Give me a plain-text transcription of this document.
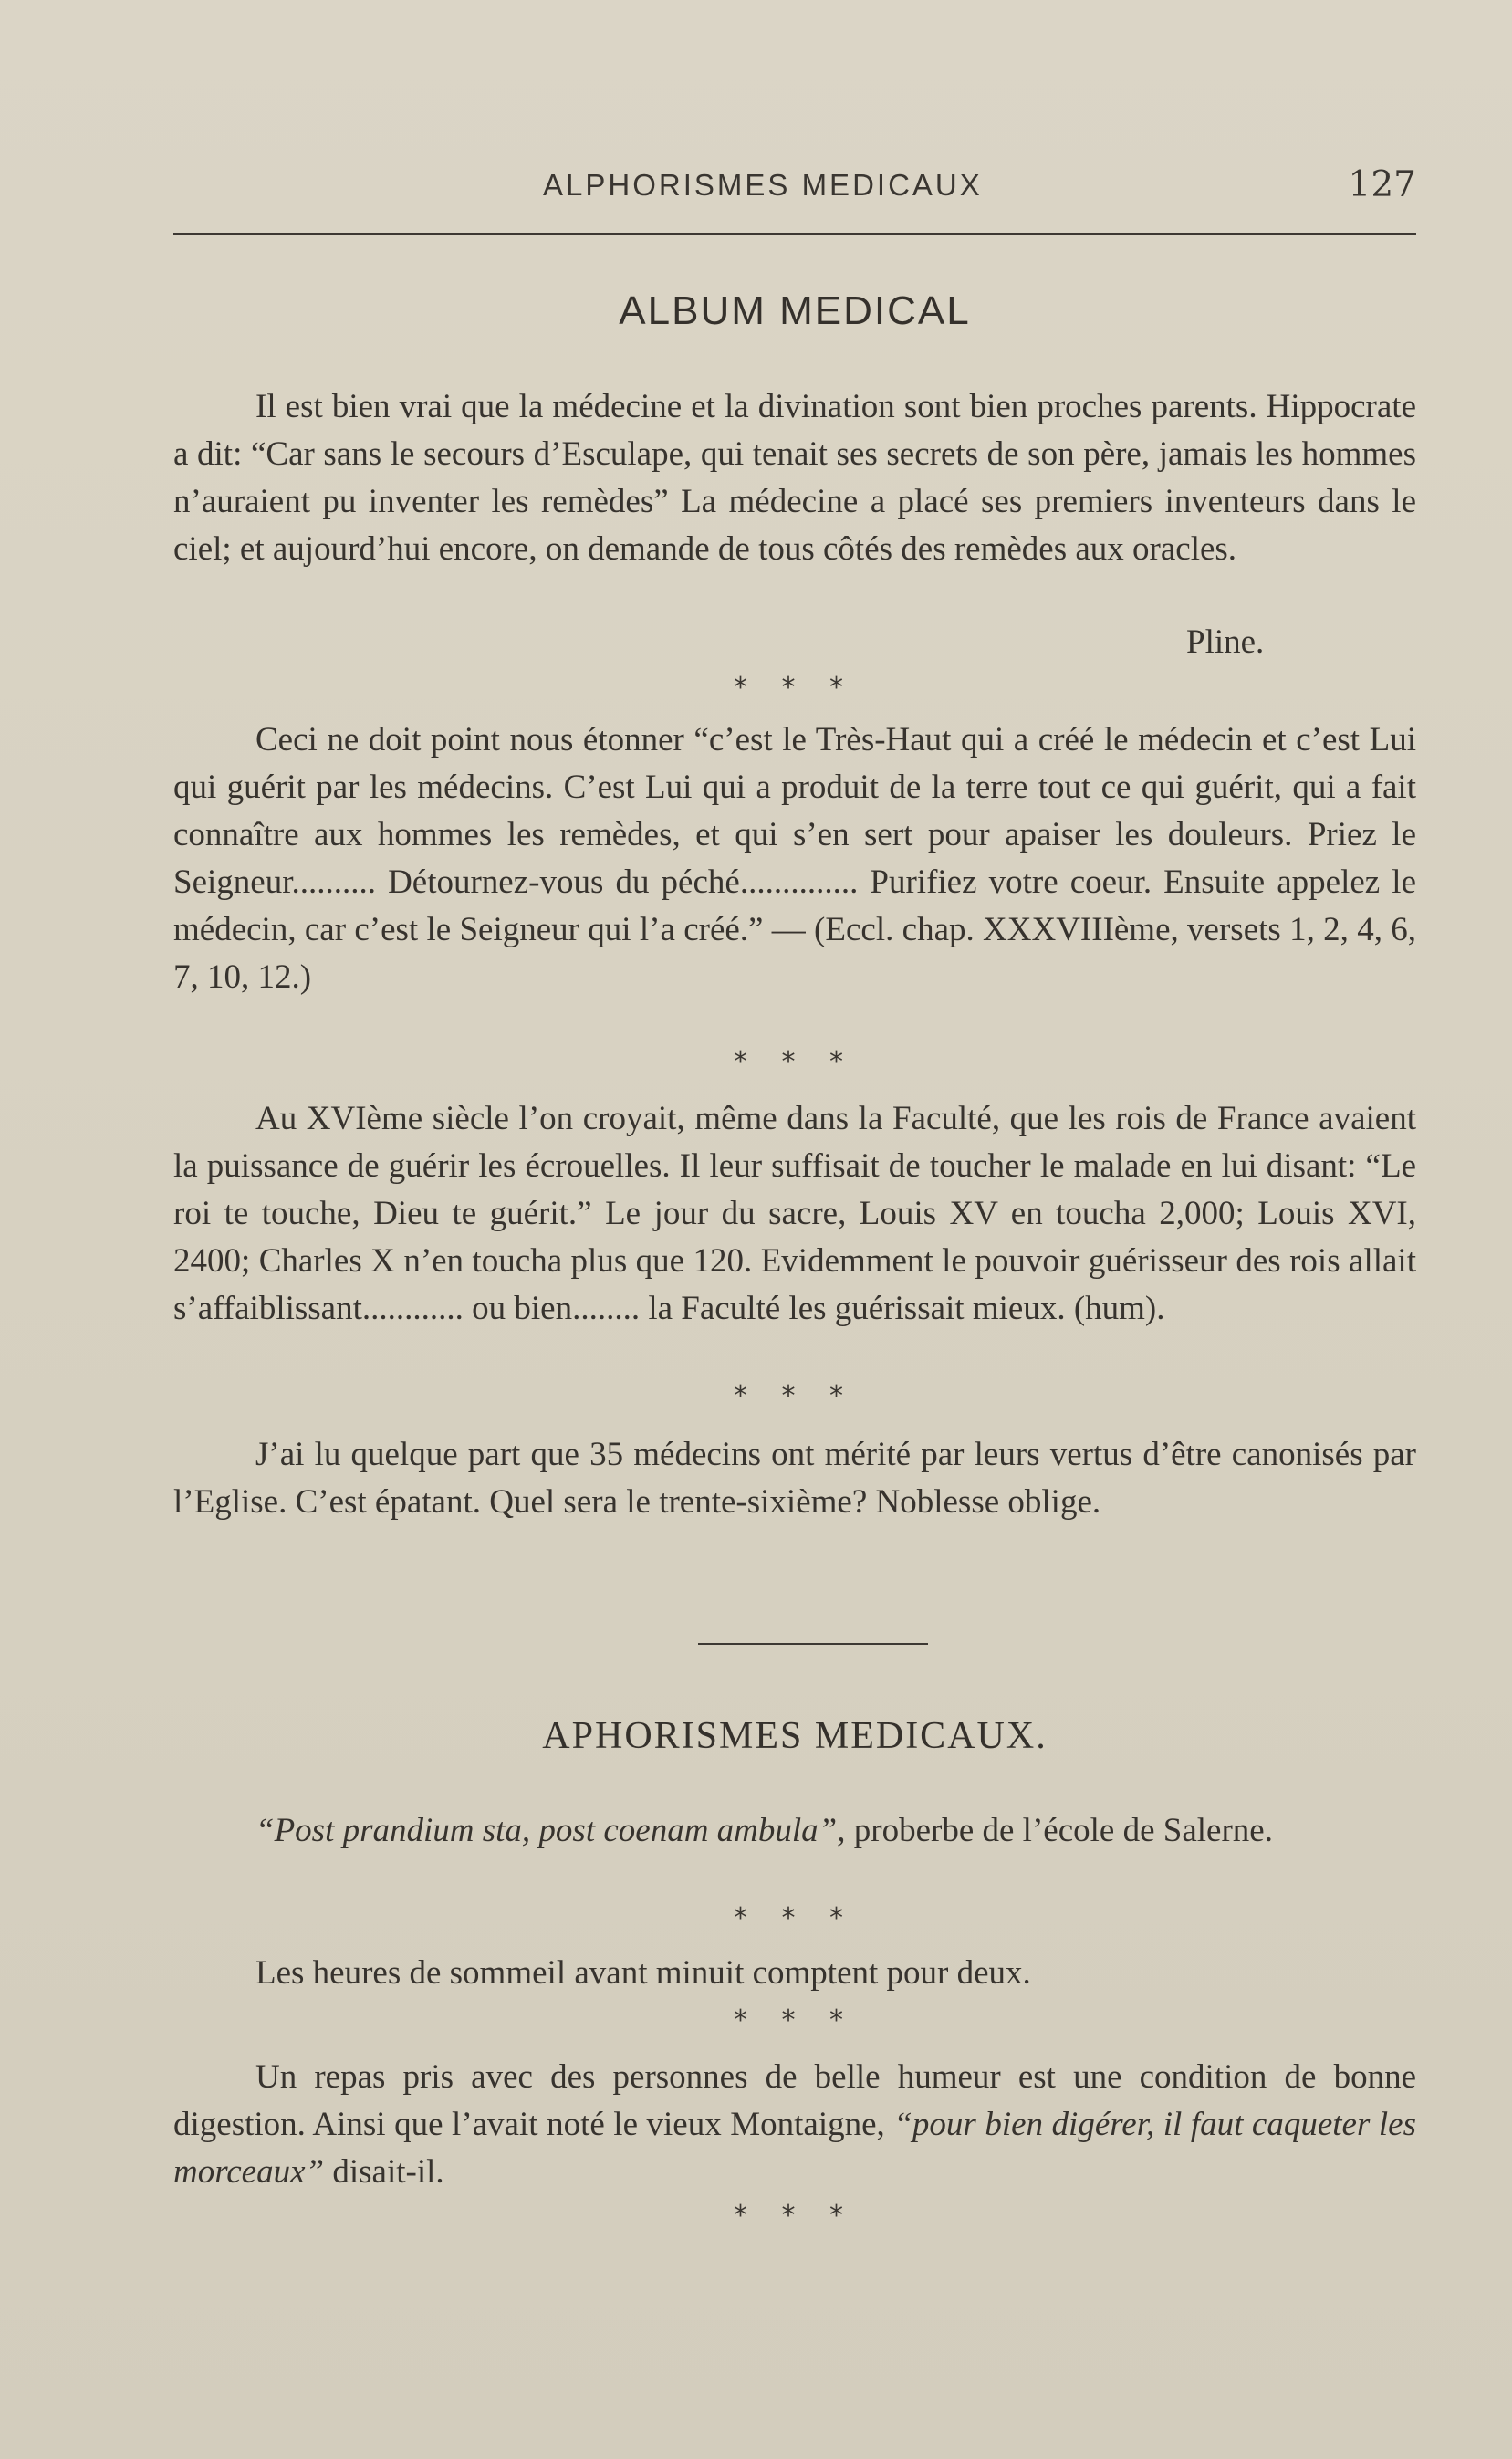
ALPHORISMES MEDICAUX	127
ALBUM MEDICAL
Il est bien vrai que la médecine et la divination sont bien proches parents. Hippocrate a dit: “Car sans le secours d’Esculape, qui tenait ses secrets de son père, jamais les hommes n’auraient pu inventer les remèdes” La médecine a placé ses premiers inventeurs dans le ciel; et aujourd’hui encore, on demande de tous côtés des remèdes aux oracles.
Pline.
* * *
Ceci ne doit point nous étonner “c’est le Très-Haut qui a créé le médecin et c’est Lui qui guérit par les médecins. C’est Lui qui a produit de la terre tout ce qui guérit, qui a fait connaître aux hommes les remèdes, et qui s’en sert pour apaiser les douleurs. Priez le Seigneur.......... Détournez-vous du péché.............. Purifiez votre coeur. Ensuite appelez le médecin, car c’est le Seigneur qui l’a créé.” — (Eccl. chap. XXXVIIIème, versets 1, 2, 4, 6, 7, 10, 12.)
* * *
Au XVIème siècle l’on croyait, même dans la Faculté, que les rois de France avaient la puissance de guérir les écrouelles. Il leur suffisait de toucher le malade en lui disant: “Le roi te touche, Dieu te guérit.” Le jour du sacre, Louis XV en toucha 2,000; Louis XVI, 2400; Charles X n’en toucha plus que 120. Evidemment le pouvoir guérisseur des rois allait s’affaiblissant............ ou bien........ la Faculté les guérissait mieux. (hum).
* * *
J’ai lu quelque part que 35 médecins ont mérité par leurs vertus d’être canonisés par l’Eglise. C’est épatant. Quel sera le trente-sixième? Noblesse oblige.
APHORISMES MEDICAUX.
“Post prandium sta, post coenam ambula”, proberbe de l’école de Salerne.
* * *
Les heures de sommeil avant minuit comptent pour deux.
* * *
Un repas pris avec des personnes de belle humeur est une condition de bonne digestion. Ainsi que l’avait noté le vieux Montaigne, “pour bien digérer, il faut caqueter les morceaux” disait-il.
* * *
